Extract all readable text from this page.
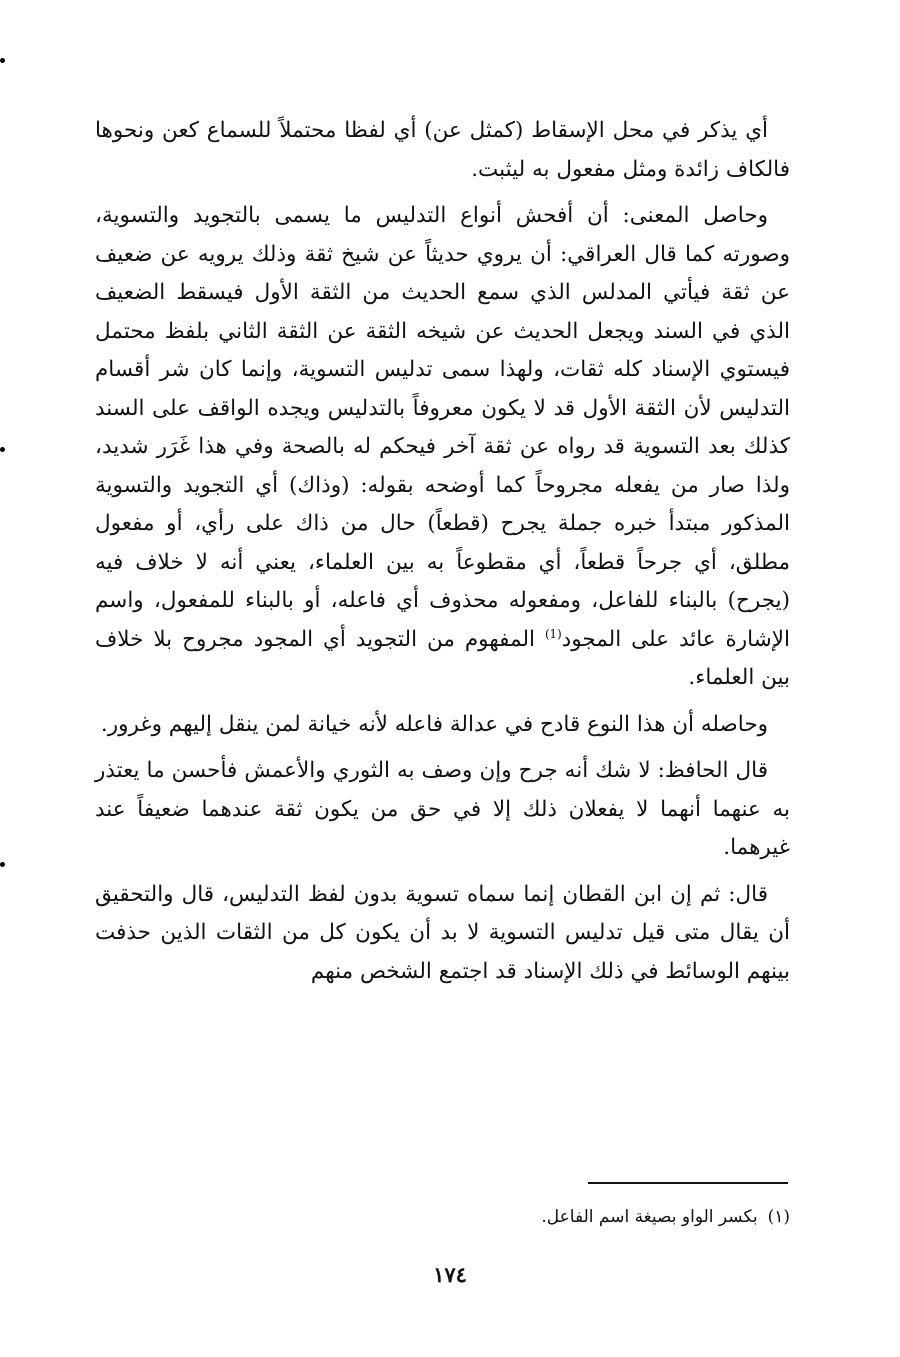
أي يذكر في محل الإسقاط (كمثل عن) أي لفظا محتملاً للسماع كعن ونحوها فالكاف زائدة ومثل مفعول به ليثبت.

وحاصل المعنى: أن أفحش أنواع التدليس ما يسمى بالتجويد والتسوية، وصورته كما قال العراقي: أن يروي حديثاً عن شيخ ثقة وذلك يرويه عن ضعيف عن ثقة فيأتي المدلس الذي سمع الحديث من الثقة الأول فيسقط الضعيف الذي في السند ويجعل الحديث عن شيخه الثقة عن الثقة الثاني بلفظ محتمل فيستوي الإسناد كله ثقات، ولهذا سمى تدليس التسوية، وإنما كان شر أقسام التدليس لأن الثقة الأول قد لا يكون معروفاً بالتدليس ويجده الواقف على السند كذلك بعد التسوية قد رواه عن ثقة آخر فيحكم له بالصحة وفي هذا غَرَر شديد، ولذا صار من يفعله مجروحاً كما أوضحه بقوله: (وذاك) أي التجويد والتسوية المذكور مبتدأ خبره جملة يجرح (قطعاً) حال من ذاك على رأي، أو مفعول مطلق، أي جرحاً قطعاً، أي مقطوعاً به بين العلماء، يعني أنه لا خلاف فيه (يجرح) بالبناء للفاعل، ومفعوله محذوف أي فاعله، أو بالبناء للمفعول، واسم الإشارة عائد على المجود$^{(1)}$ المفهوم من التجويد أي المجود مجروح بلا خلاف بين العلماء.

وحاصله أن هذا النوع قادح في عدالة فاعله لأنه خيانة لمن ينقل إليهم وغرور.

قال الحافظ: لا شك أنه جرح وإن وصف به الثوري والأعمش فأحسن ما يعتذر به عنهما أنهما لا يفعلان ذلك إلا في حق من يكون ثقة عندهما ضعيفاً عند غيرهما.

قال: ثم إن ابن القطان إنما سماه تسوية بدون لفظ التدليس، قال والتحقيق أن يقال متى قيل تدليس التسوية لا بد أن يكون كل من الثقات الذين حذفت بينهم الوسائط في ذلك الإسناد قد اجتمع الشخص منهم

(١)بكسر الواو بصيغة اسم الفاعل.
١٧٤
